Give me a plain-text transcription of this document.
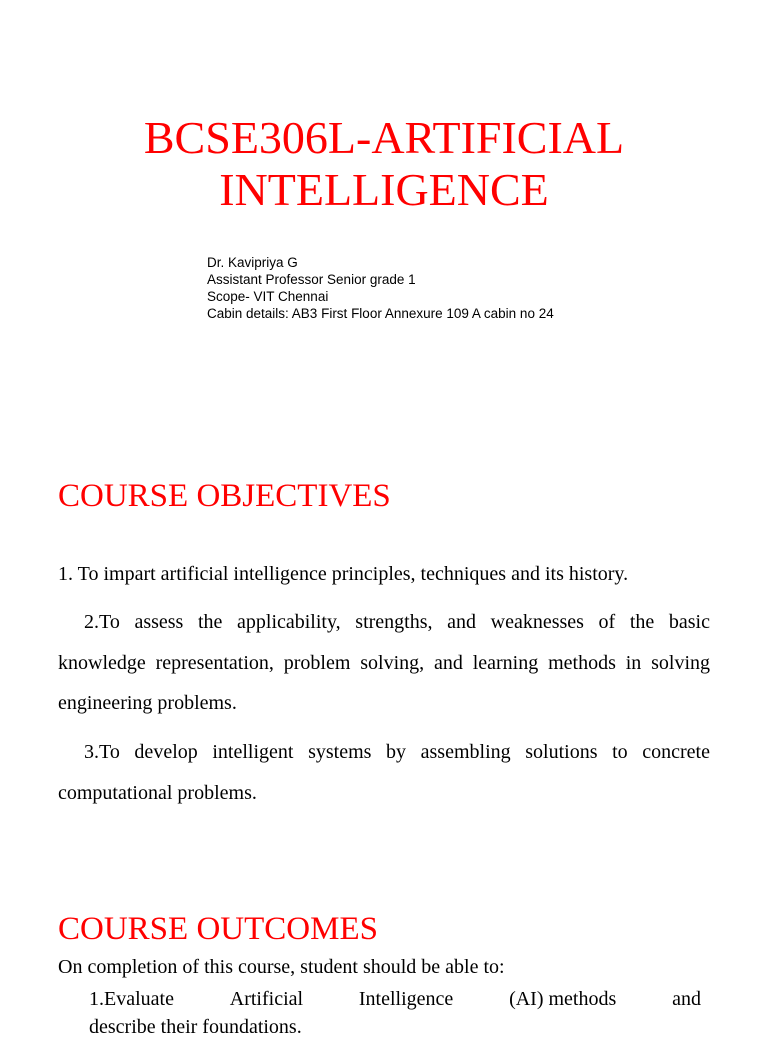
BCSE306L-ARTIFICIAL
INTELLIGENCE
Dr. Kavipriya G
Assistant Professor Senior grade 1
Scope- VIT Chennai
Cabin details: AB3 First Floor Annexure 109 A cabin no 24
COURSE OBJECTIVES

1. To impart artificial intelligence principles, techniques and its history.

2.To assess the applicability, strengths, and weaknesses of the basic knowledge representation, problem solving, and learning methods in solving engineering problems.

3.To develop intelligent systems by assembling solutions to concrete computational problems.

COURSE OUTCOMES

On completion of this course, student should be able to:

1.Evaluate	Artificial	Intelligence	(AI) methods	and
describe their foundations.
